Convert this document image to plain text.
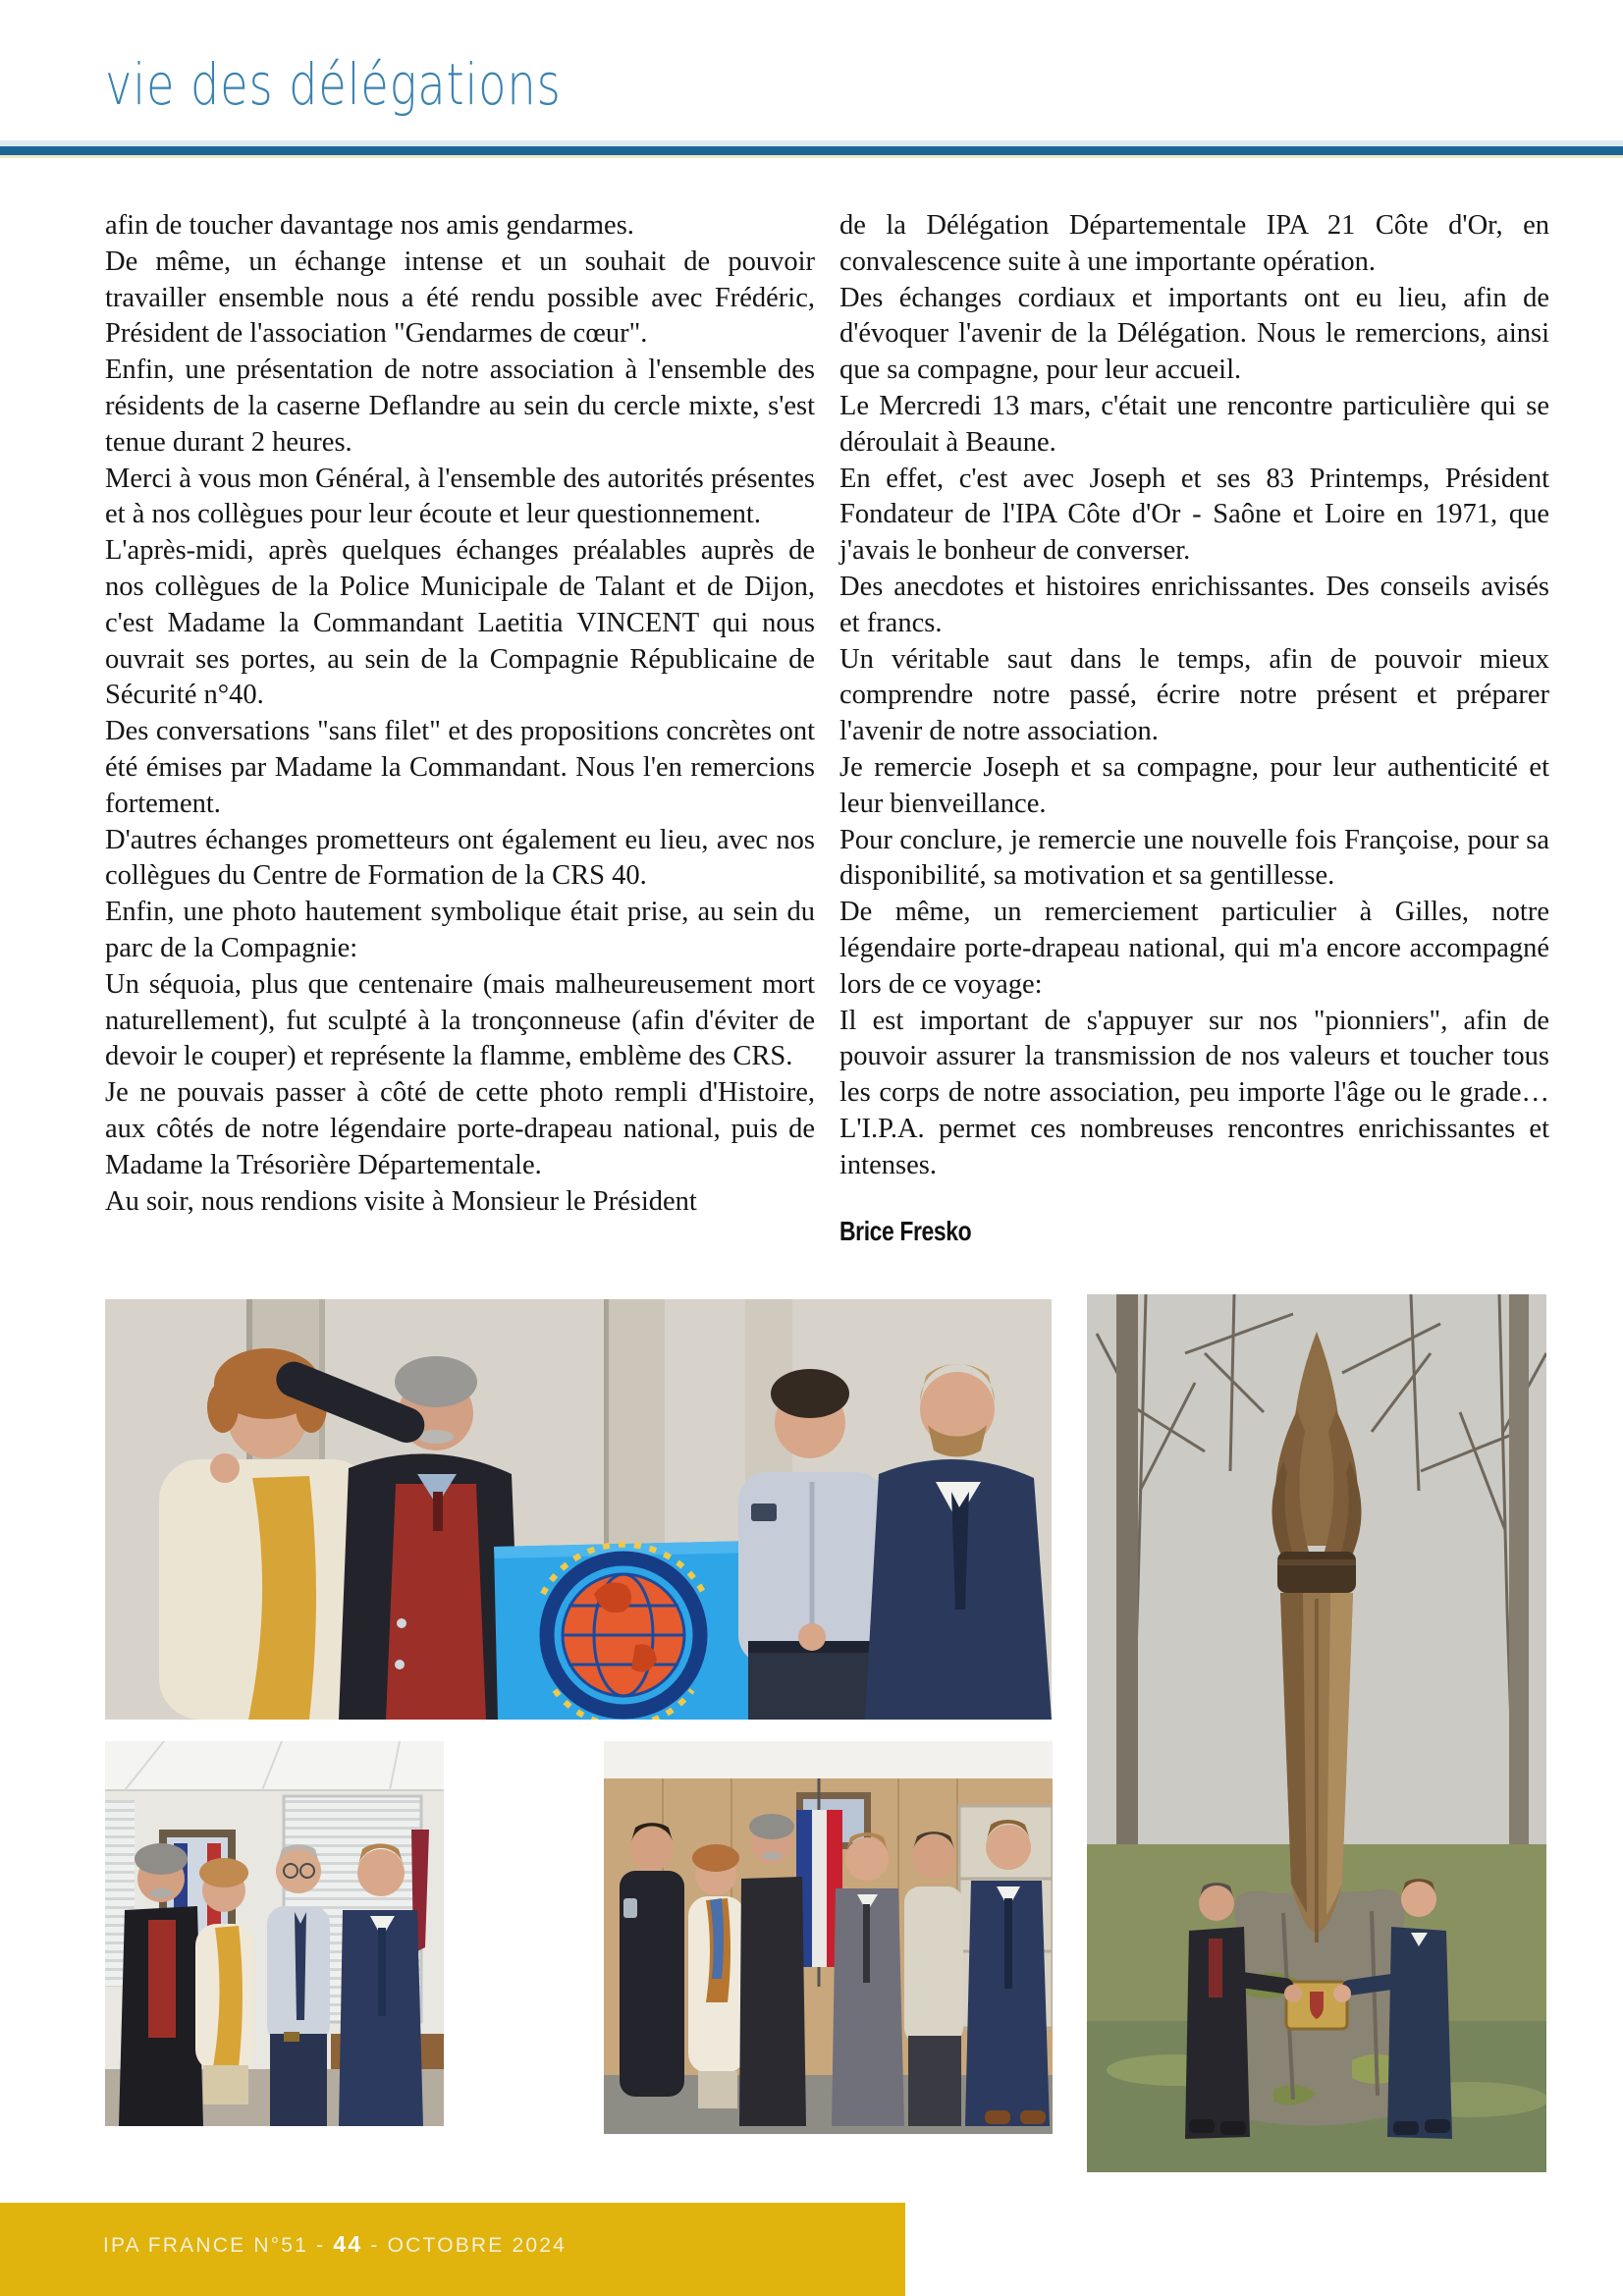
vie des délégations

afin de toucher davantage nos amis gendarmes.

De même, un échange intense et un souhait de pouvoir travailler ensemble nous a été rendu possible avec Frédéric, Président de l'association "Gendarmes de cœur".

Enfin, une présentation de notre association à l'ensemble des résidents de la caserne Deflandre au sein du cercle mixte, s'est tenue durant 2 heures.

Merci à vous mon Général, à l'ensemble des autorités présentes et à nos collègues pour leur écoute et leur questionnement.

L'après-midi, après quelques échanges préalables auprès de nos collègues de la Police Municipale de Talant et de Dijon, c'est Madame la Commandant Laetitia VINCENT qui nous ouvrait ses portes, au sein de la Compagnie Républicaine de Sécurité n°40.

Des conversations "sans filet" et des propositions concrètes ont été émises par Madame la Commandant. Nous l'en remercions fortement.

D'autres échanges prometteurs ont également eu lieu, avec nos collègues du Centre de Formation de la CRS 40.

Enfin, une photo hautement symbolique était prise, au sein du parc de la Compagnie:

Un séquoia, plus que centenaire (mais malheureusement mort naturellement), fut sculpté à la tronçonneuse (afin d'éviter de devoir le couper) et représente la flamme, emblème des CRS.

Je ne pouvais passer à côté de cette photo rempli d'Histoire, aux côtés de notre légendaire porte-drapeau national, puis de Madame la Trésorière Départementale.

Au soir, nous rendions visite à Monsieur le Président

de la Délégation Départementale IPA 21 Côte d'Or, en convalescence suite à une importante opération.

Des échanges cordiaux et importants ont eu lieu, afin de d'évoquer l'avenir de la Délégation. Nous le remercions, ainsi que sa compagne, pour leur accueil.

Le Mercredi 13 mars, c'était une rencontre particulière qui se déroulait à Beaune.

En effet, c'est avec Joseph et ses 83 Printemps, Président Fondateur de l'IPA Côte d'Or - Saône et Loire en 1971, que j'avais le bonheur de converser.

Des anecdotes et histoires enrichissantes. Des conseils avisés et francs.

Un véritable saut dans le temps, afin de pouvoir mieux comprendre notre passé, écrire notre présent et préparer l'avenir de notre association.

Je remercie Joseph et sa compagne, pour leur authenticité et leur bienveillance.

Pour conclure, je remercie une nouvelle fois Françoise, pour sa disponibilité, sa motivation et sa gentillesse.

De même, un remerciement particulier à Gilles, notre légendaire porte-drapeau national, qui m'a encore accompagné lors de ce voyage:

Il est important de s'appuyer sur nos "pionniers", afin de pouvoir assurer la transmission de nos valeurs et toucher tous les corps de notre association, peu importe l'âge ou le grade… L'I.P.A. permet ces nombreuses rencontres enrichissantes et intenses.

Brice Fresko
IPA FRANCE N°51 - 44 - OCTOBRE 2024
